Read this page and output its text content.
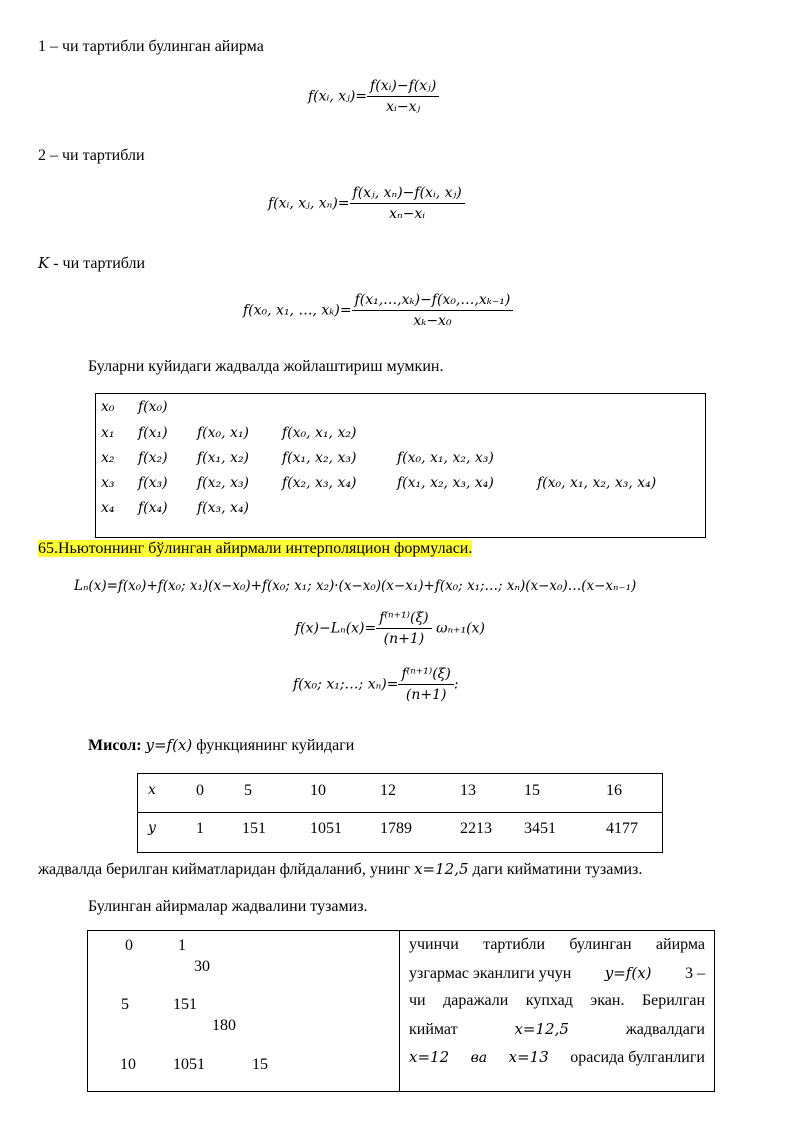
1 – чи тартибли булинган айирма
f(xᵢ, xⱼ)= $\frac{\text{f(xᵢ)−f(xⱼ)}}{\text{xᵢ−xⱼ}}$
2 – чи тартибли
f(xᵢ, xⱼ, $x_n)= \frac{\text{f(xⱼ, xₙ)−f(xᵢ, xⱼ)}}{\text{xₙ−xᵢ}}$
K - чи тартибли
f(x₀, x₁, …, $x_k)= \frac{\text{f(x₁,…,xₖ)−f(x₀,…,xₖ₋₁)}}{\text{xₖ−x₀}}$
Буларни куйидаги жадвалда жойлаштириш мумкин.
x₀ f(x₀)
x₁ f(x₁) f(x₀, x₁) f(x₀, x₁, x₂)
x₂ f(x₂) f(x₁, x₂) f(x₁, x₂, x₃)	f(x₀, x₁, x₂, x₃)
x₃ f(x₃) f(x₂, x₃) f(x₂, x₃, x₄)	f(x₁, x₂, x₃, x₄)	f(x₀, x₁, x₂, x₃, x₄)
x₄ f(x₄) f(x₃, x₄)
65.Ньютоннинг бўлинган айирмали интерполяцион формуласи.
Lₙ(x)=f(x₀)+f(x₀; x₁)(x−x₀)+f(x₀; x₁; x₂)·(x−x₀)(x−x₁)+f(x₀; x₁;…; xₙ)(x−x₀)…(x−xₙ₋₁)
$f(x)-L_n(x)= \frac{\text{f⁽ⁿ⁺¹⁾(ξ)}}{(n+1)} \omega_{n+1}(x)$
f(x₀; x₁;…; $x_n)= \frac{\text{f⁽ⁿ⁺¹⁾(ξ)}}{(n+1)}$ :
Мисол: y=f(x) функциянинг куйидаги
x	0	5	10	12	13	15	16
y	1 151	1051 1789	2213 3451	4177
жадвалда берилган кийматларидан флйдаланиб, унинг x=12,5 даги кийматини тузамиз.
Булинган айирмалар жадвалини тузамиз.
0	1
30
5	151
180
10 1051	15
учинчи тартибли булинган айирма
узгармас эканлиги учун y=f(x) 3 –
чи даражали купхад экан. Берилган
киймат	x=12,5	жадвалдаги
x=12 ва x=13 орасида булганлиги
